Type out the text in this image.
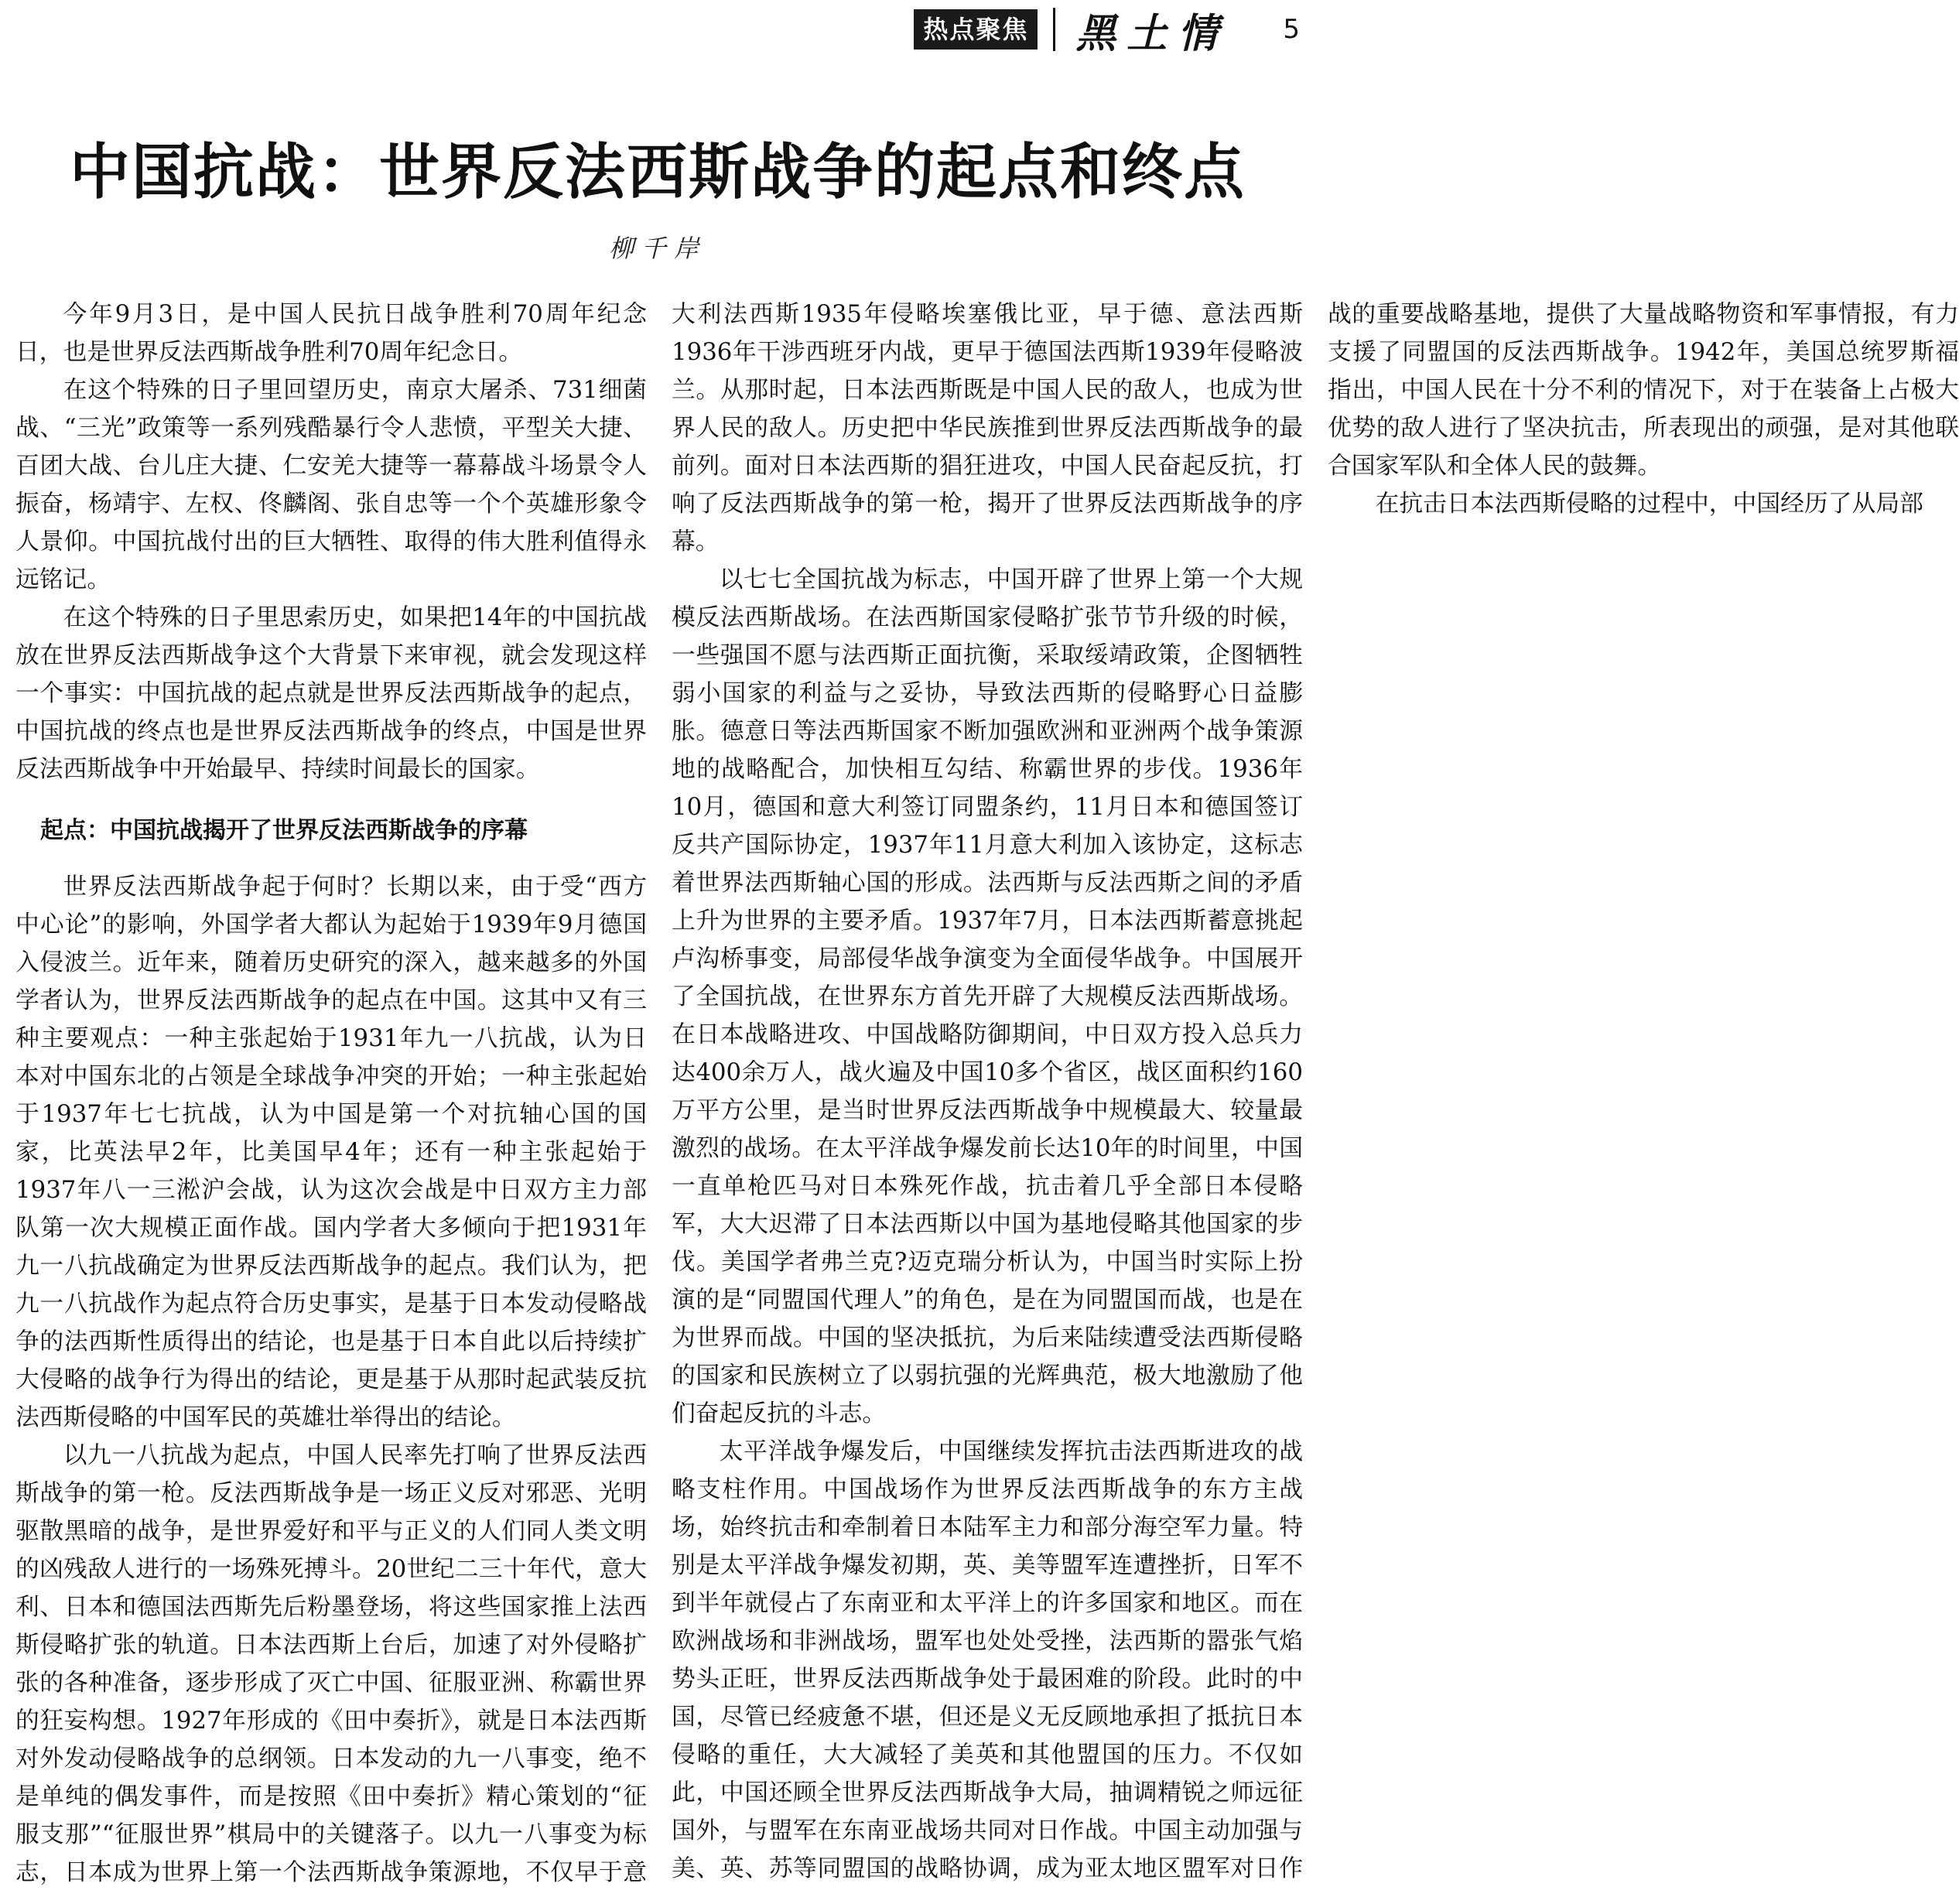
热点聚焦 黑土情 5
中国抗战：世界反法西斯战争的起点和终点
柳千岸

今年9月3日，是中国人民抗日战争胜利70周年纪念日，也是世界反法西斯战争胜利70周年纪念日。

在这个特殊的日子里回望历史，南京大屠杀、731细菌战、“三光”政策等一系列残酷暴行令人悲愤，平型关大捷、百团大战、台儿庄大捷、仁安羌大捷等一幕幕战斗场景令人振奋，杨靖宇、左权、佟麟阁、张自忠等一个个英雄形象令人景仰。中国抗战付出的巨大牺牲、取得的伟大胜利值得永远铭记。

在这个特殊的日子里思索历史，如果把14年的中国抗战放在世界反法西斯战争这个大背景下来审视，就会发现这样一个事实：中国抗战的起点就是世界反法西斯战争的起点，中国抗战的终点也是世界反法西斯战争的终点，中国是世界反法西斯战争中开始最早、持续时间最长的国家。

起点：中国抗战揭开了世界反法西斯战争的序幕

世界反法西斯战争起于何时？长期以来，由于受“西方中心论”的影响，外国学者大都认为起始于1939年9月德国入侵波兰。近年来，随着历史研究的深入，越来越多的外国学者认为，世界反法西斯战争的起点在中国。这其中又有三种主要观点：一种主张起始于1931年九一八抗战，认为日本对中国东北的占领是全球战争冲突的开始；一种主张起始于1937年七七抗战，认为中国是第一个对抗轴心国的国家，比英法早2年，比美国早4年；还有一种主张起始于1937年八一三淞沪会战，认为这次会战是中日双方主力部队第一次大规模正面作战。国内学者大多倾向于把1931年九一八抗战确定为世界反法西斯战争的起点。我们认为，把九一八抗战作为起点符合历史事实，是基于日本发动侵略战争的法西斯性质得出的结论，也是基于日本自此以后持续扩大侵略的战争行为得出的结论，更是基于从那时起武装反抗法西斯侵略的中国军民的英雄壮举得出的结论。

以九一八抗战为起点，中国人民率先打响了世界反法西斯战争的第一枪。反法西斯战争是一场正义反对邪恶、光明驱散黑暗的战争，是世界爱好和平与正义的人们同人类文明的凶残敌人进行的一场殊死搏斗。20世纪二三十年代，意大利、日本和德国法西斯先后粉墨登场，将这些国家推上法西斯侵略扩张的轨道。日本法西斯上台后，加速了对外侵略扩张的各种准备，逐步形成了灭亡中国、征服亚洲、称霸世界的狂妄构想。1927年形成的《田中奏折》，就是日本法西斯对外发动侵略战争的总纲领。日本发动的九一八事变，绝不是单纯的偶发事件，而是按照《田中奏折》精心策划的“征服支那”“征服世界”棋局中的关键落子。以九一八事变为标志，日本成为世界上第一个法西斯战争策源地，不仅早于意大利法西斯1935年侵略埃塞俄比亚，早于德、意法西斯1936年干涉西班牙内战，更早于德国法西斯1939年侵略波兰。从那时起，日本法西斯既是中国人民的敌人，也成为世界人民的敌人。历史把中华民族推到世界反法西斯战争的最前列。面对日本法西斯的猖狂进攻，中国人民奋起反抗，打响了反法西斯战争的第一枪，揭开了世界反法西斯战争的序幕。

以七七全国抗战为标志，中国开辟了世界上第一个大规模反法西斯战场。在法西斯国家侵略扩张节节升级的时候，一些强国不愿与法西斯正面抗衡，采取绥靖政策，企图牺牲弱小国家的利益与之妥协，导致法西斯的侵略野心日益膨胀。德意日等法西斯国家不断加强欧洲和亚洲两个战争策源地的战略配合，加快相互勾结、称霸世界的步伐。1936年10月，德国和意大利签订同盟条约，11月日本和德国签订反共产国际协定，1937年11月意大利加入该协定，这标志着世界法西斯轴心国的形成。法西斯与反法西斯之间的矛盾上升为世界的主要矛盾。1937年7月，日本法西斯蓄意挑起卢沟桥事变，局部侵华战争演变为全面侵华战争。中国展开了全国抗战，在世界东方首先开辟了大规模反法西斯战场。在日本战略进攻、中国战略防御期间，中日双方投入总兵力达400余万人，战火遍及中国10多个省区，战区面积约160万平方公里，是当时世界反法西斯战争中规模最大、较量最激烈的战场。在太平洋战争爆发前长达10年的时间里，中国一直单枪匹马对日本殊死作战，抗击着几乎全部日本侵略军，大大迟滞了日本法西斯以中国为基地侵略其他国家的步伐。美国学者弗兰克?迈克瑞分析认为，中国当时实际上扮演的是“同盟国代理人”的角色，是在为同盟国而战，也是在为世界而战。中国的坚决抵抗，为后来陆续遭受法西斯侵略的国家和民族树立了以弱抗强的光辉典范，极大地激励了他们奋起反抗的斗志。

太平洋战争爆发后，中国继续发挥抗击法西斯进攻的战略支柱作用。中国战场作为世界反法西斯战争的东方主战场，始终抗击和牵制着日本陆军主力和部分海空军力量。特别是太平洋战争爆发初期，英、美等盟军连遭挫折，日军不到半年就侵占了东南亚和太平洋上的许多国家和地区。而在欧洲战场和非洲战场，盟军也处处受挫，法西斯的嚣张气焰势头正旺，世界反法西斯战争处于最困难的阶段。此时的中国，尽管已经疲惫不堪，但还是义无反顾地承担了抵抗日本侵略的重任，大大减轻了美英和其他盟国的压力。不仅如此，中国还顾全世界反法西斯战争大局，抽调精锐之师远征国外，与盟军在东南亚战场共同对日作战。中国主动加强与美、英、苏等同盟国的战略协调，成为亚太地区盟军对日作战的重要战略基地，提供了大量战略物资和军事情报，有力支援了同盟国的反法西斯战争。1942年，美国总统罗斯福指出，中国人民在十分不利的情况下，对于在装备上占极大优势的敌人进行了坚决抗击，所表现出的顽强，是对其他联合国家军队和全体人民的鼓舞。

在抗击日本法西斯侵略的过程中，中国经历了从局部
